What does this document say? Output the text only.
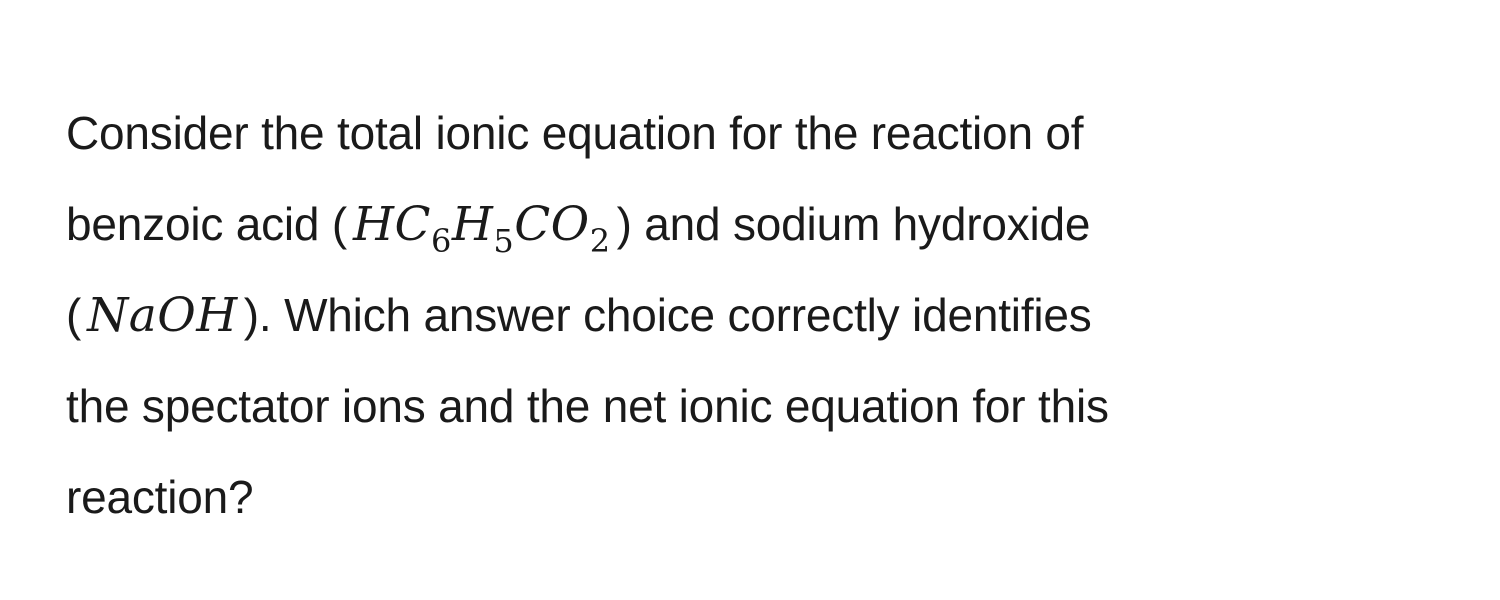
Consider the total ionic equation for the reaction of
benzoic acid ( $HC_6H_5CO_2$ ) and sodium hydroxide
( NaOH ). Which answer choice correctly identifies
the spectator ions and the net ionic equation for this
reaction?
